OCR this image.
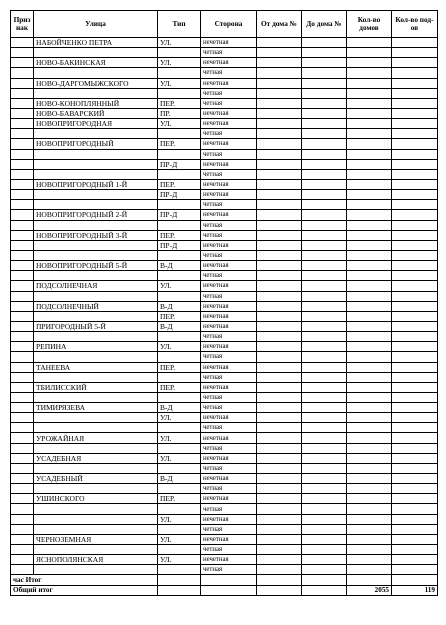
Приз нак	Улица	Тип	Сторона	От дома №	До дома №	Кол-во домов	Кол-во под-ов
	НАБОЙЧЕНКО ПЕТРА	УЛ.	нечетная				
			четная				
	НОВО-БАКИНСКАЯ	УЛ.	нечетная				
			четная				
	НОВО-ДАРГОМЫЖСКОГО	УЛ.	нечетная				
			четная				
	НОВО-КОНОПЛЯННЫЙ	ПЕР.	четная				
	НОВО-БАВАРСКИЙ	ПР.	нечетная				
	НОВОПРИГОРОДНАЯ	УЛ.	нечетная				
			четная				
	НОВОПРИГОРОДНЫЙ	ПЕР.	нечетная				
			четная				
		ПР-Д	нечетная				
			четная				
	НОВОПРИГОРОДНЫЙ 1-Й	ПЕР.	нечетная				
		ПР-Д	нечетная				
			четная				
	НОВОПРИГОРОДНЫЙ 2-Й	ПР-Д	нечетная				
			четная				
	НОВОПРИГОРОДНЫЙ 3-Й	ПЕР.	четная				
		ПР-Д	нечетная				
			четная				
	НОВОПРИГОРОДНЫЙ 5-Й	В-Д	нечетная				
			четная				
	ПОДСОЛНЕЧНАЯ	УЛ.	нечетная				
			четная				
	ПОДСОЛНЕЧНЫЙ	В-Д	нечетная				
		ПЕР.	нечетная				
	ПРИГОРОДНЫЙ 5-Й	В-Д	нечетная				
			четная				
	РЕПИНА	УЛ.	нечетная				
			четная				
	ТАНЕЕВА	ПЕР.	нечетная				
			четная				
	ТБИЛИССКИЙ	ПЕР.	нечетная				
			четная				
	ТИМИРЯЗЕВА	В-Д	четная				
		УЛ.	нечетная				
			четная				
	УРОЖАЙНАЯ	УЛ.	нечетная				
			четная				
	УСАДЕБНАЯ	УЛ.	нечетная				
			четная				
	УСАДЕБНЫЙ	В-Д	нечетная				
			четная				
	УШИНСКОГО	ПЕР.	нечетная				
			четная				
		УЛ.	нечетная				
			четная				
	ЧЕРНОЗЕМНАЯ	УЛ.	нечетная				
			четная				
	ЯСНОПОЛЯНСКАЯ	УЛ.	нечетная				
			четная				
час Итог							
Общий итог						2055	119
